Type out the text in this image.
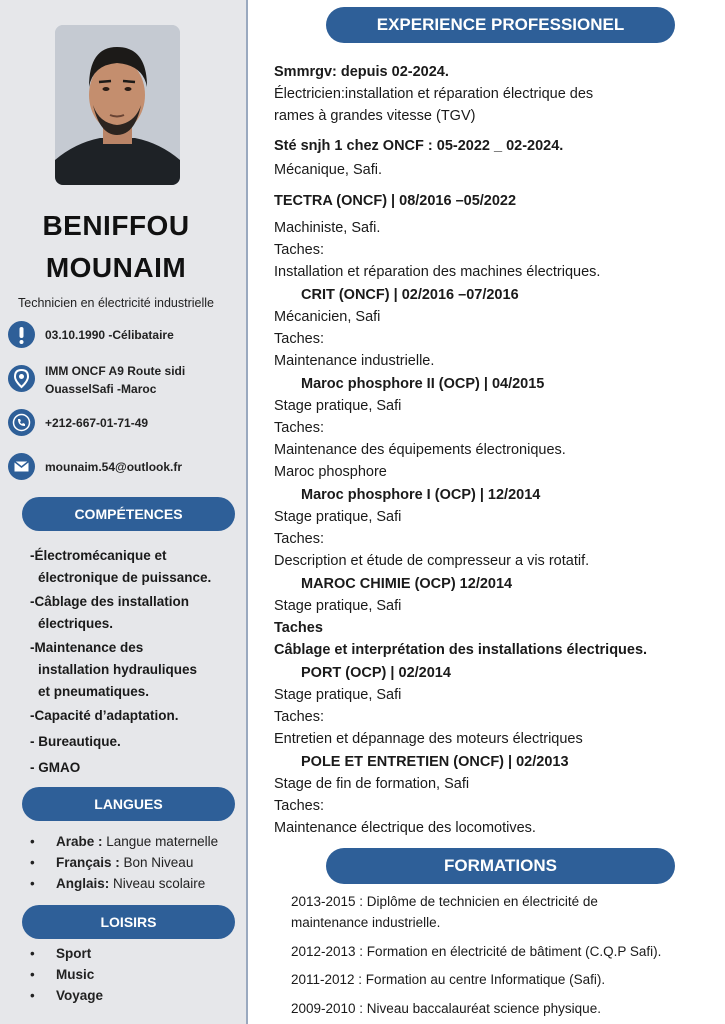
BENIFFOU
MOUNAIM
Technicien en électricité industrielle
03.10.1990 -Célibataire
IMM ONCF A9 Route sidi
OuasselSafi -Maroc
+212-667-01-71-49
mounaim.54@outlook.fr
COMPÉTENCES
-Électromécanique et
électronique de puissance.
-Câblage des installation
électriques.
-Maintenance des
installation hydrauliques
et pneumatiques.
-Capacité d’adaptation.
- Bureautique.
- GMAO
LANGUES
• Arabe : Langue maternelle
• Français : Bon Niveau
• Anglais: Niveau scolaire
LOISIRS
• Sport
• Music
• Voyage
EXPERIENCE PROFESSIONEL
Smmrgv: depuis 02-2024.
Électricien:installation et réparation électrique des
rames à grandes vitesse (TGV)
Sté snjh 1 chez ONCF : 05-2022 _ 02-2024.
Mécanique, Safi.
TECTRA (ONCF) | 08/2016 –05/2022
Machiniste, Safi.
Taches:
Installation et réparation des machines électriques.
CRIT (ONCF) | 02/2016 –07/2016
Mécanicien, Safi
Taches:
Maintenance industrielle.
Maroc phosphore II (OCP) | 04/2015
Stage pratique, Safi
Taches:
Maintenance des équipements électroniques.
Maroc phosphore
Maroc phosphore I (OCP) | 12/2014
Stage pratique, Safi
Taches:
Description et étude de compresseur a vis rotatif.
MAROC CHIMIE (OCP) 12/2014
Stage pratique, Safi
Taches
Câblage et interprétation des installations électriques.
PORT (OCP) | 02/2014
Stage pratique, Safi
Taches:
Entretien et dépannage des moteurs électriques
POLE ET ENTRETIEN (ONCF) | 02/2013
Stage de fin de formation, Safi
Taches:
Maintenance électrique des locomotives.
FORMATIONS
2013-2015 : Diplôme de technicien en électricité de
maintenance industrielle.
2012-2013 : Formation en électricité de bâtiment (C.Q.P Safi).
2011-2012 : Formation au centre Informatique (Safi).
2009-2010 : Niveau baccalauréat science physique.
